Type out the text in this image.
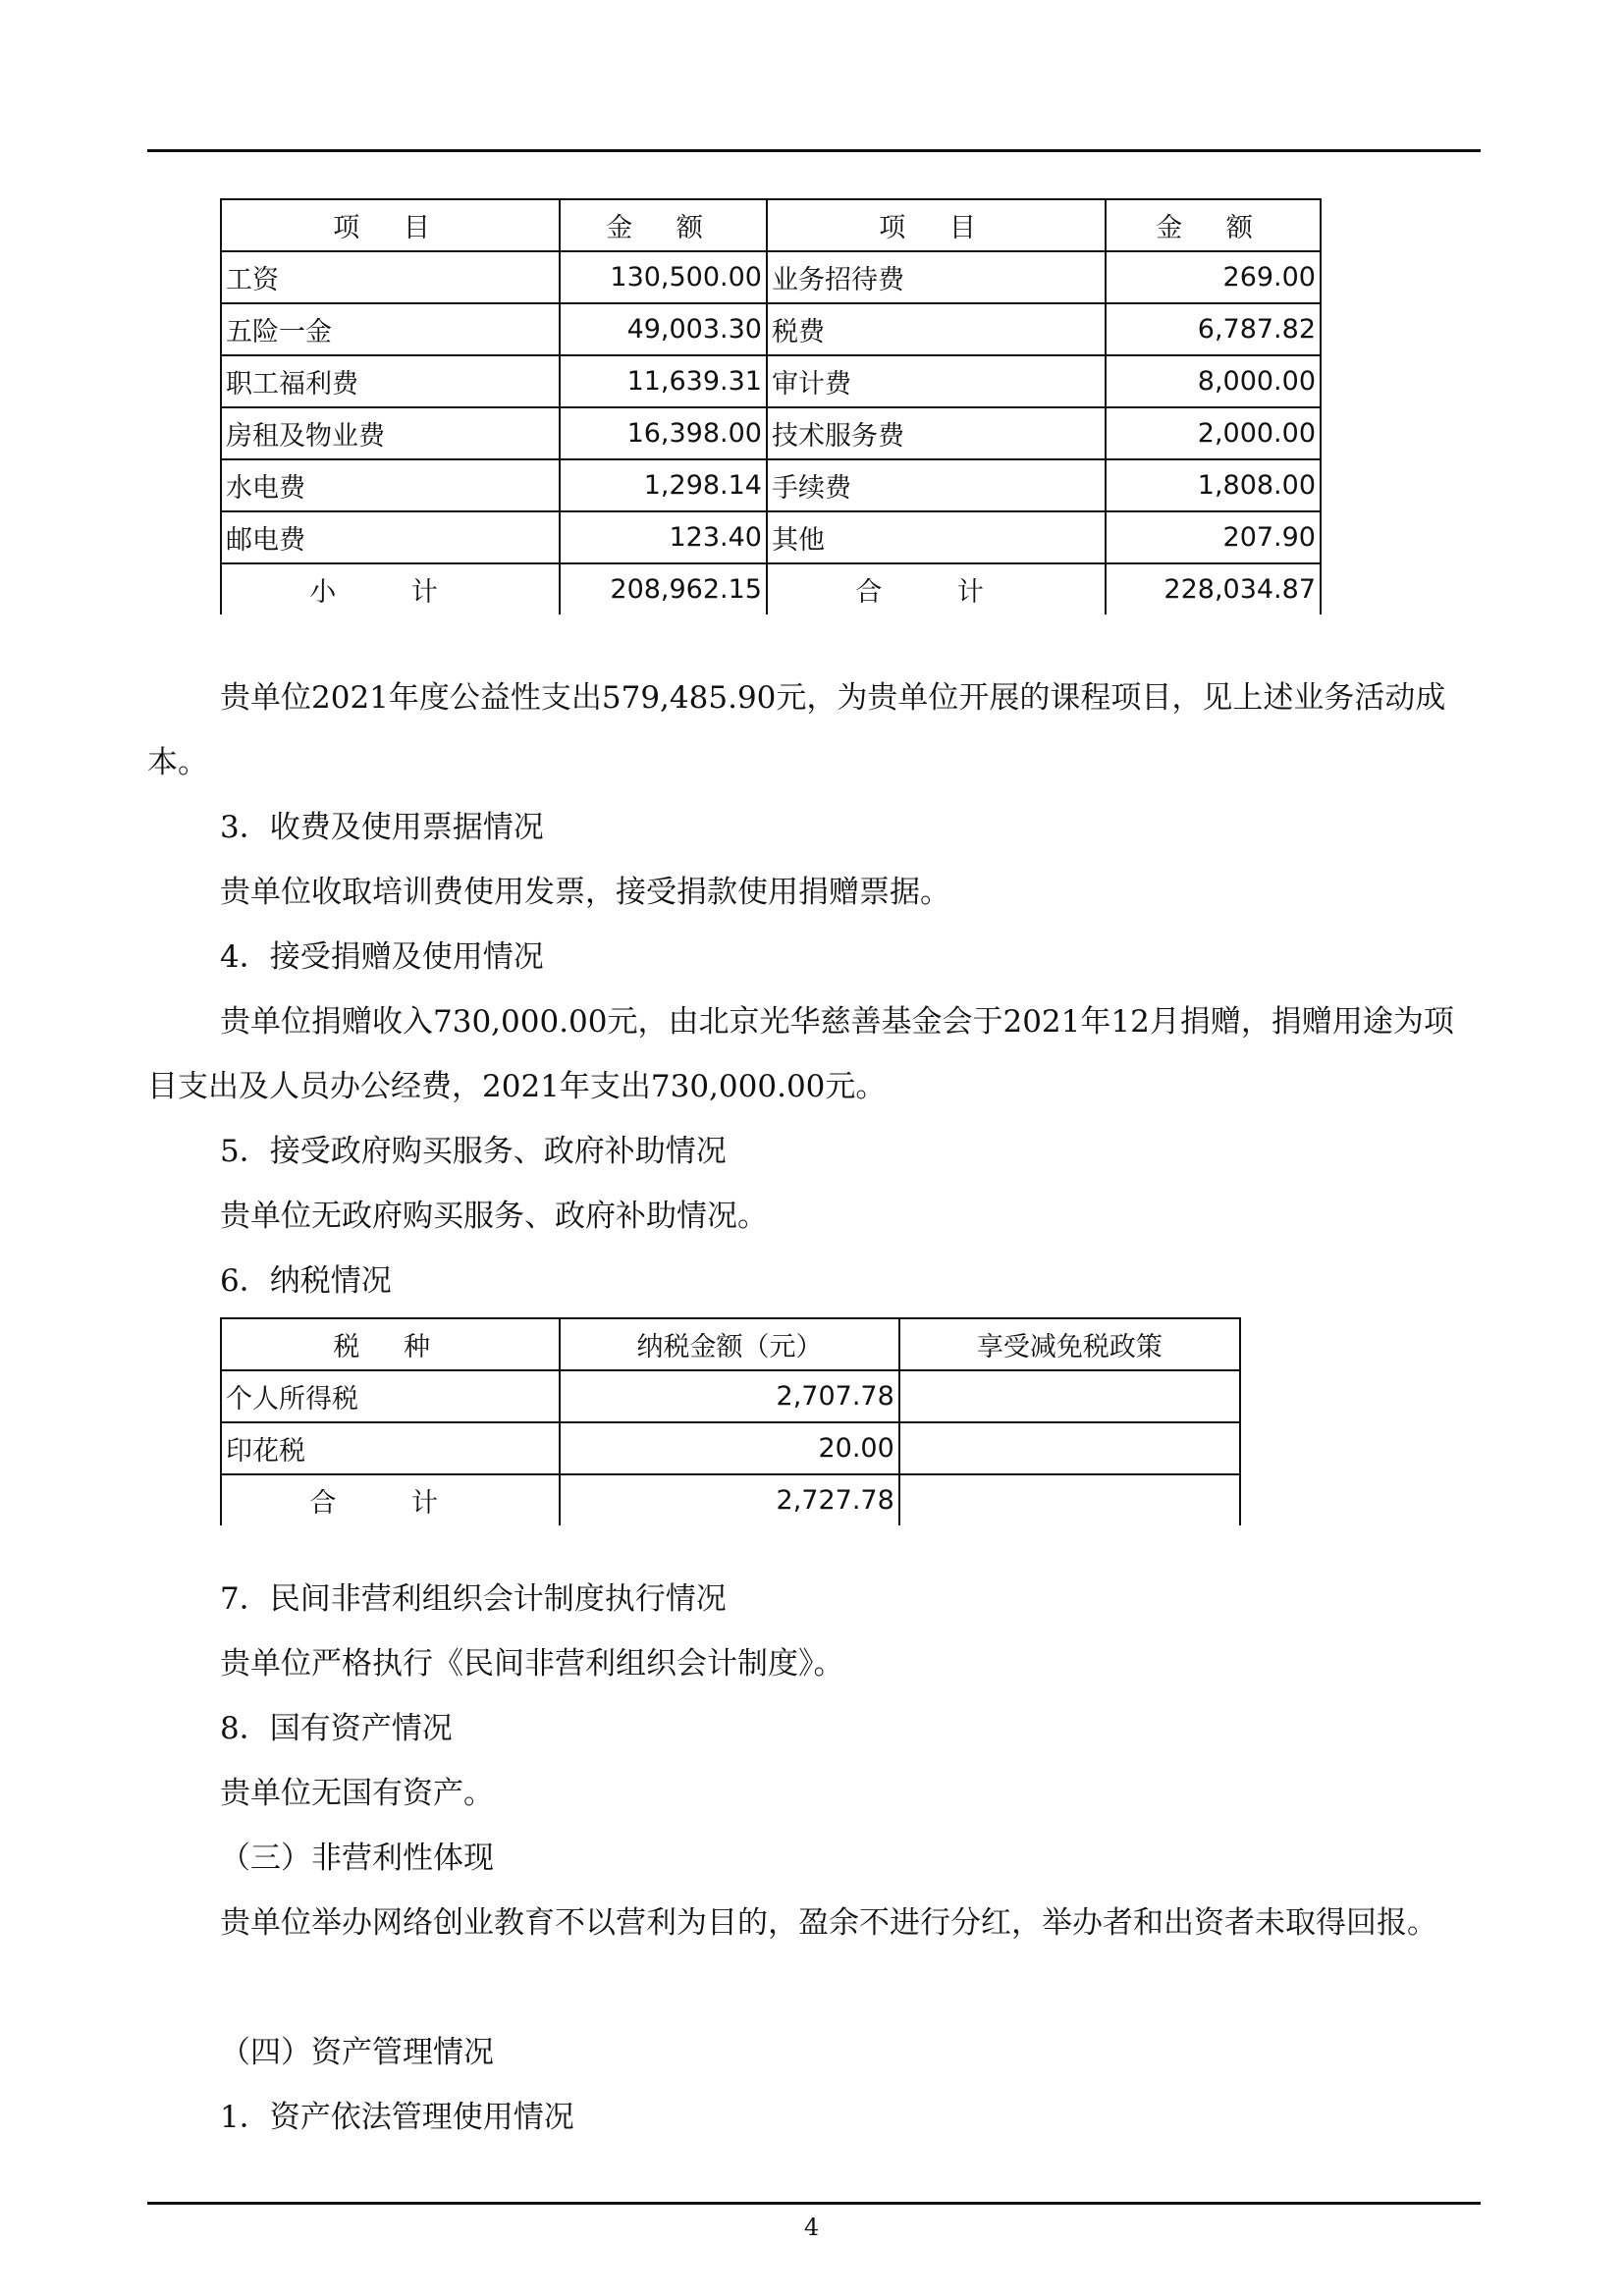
项 目	金 额	项 目	金 额
工资	130,500.00	业务招待费	269.00
五险一金	49,003.30	税费	6,787.82
职工福利费	11,639.31	审计费	8,000.00
房租及物业费	16,398.00	技术服务费	2,000.00
水电费	1,298.14	手续费	1,808.00
邮电费	123.40	其他	207.90
小 计	208,962.15	合 计	228,034.87
贵单位2021年度公益性支出579,485.90元，为贵单位开展的课程项目，见上述业务活动成本。
3．收费及使用票据情况
贵单位收取培训费使用发票，接受捐款使用捐赠票据。
4．接受捐赠及使用情况
贵单位捐赠收入730,000.00元，由北京光华慈善基金会于2021年12月捐赠，捐赠用途为项目支出及人员办公经费，2021年支出730,000.00元。
5．接受政府购买服务、政府补助情况
贵单位无政府购买服务、政府补助情况。
6．纳税情况
税 种	纳税金额（元）	享受减免税政策
个人所得税	2,707.78	
印花税	20.00	
合 计	2,727.78	
7．民间非营利组织会计制度执行情况
贵单位严格执行《民间非营利组织会计制度》。
8．国有资产情况
贵单位无国有资产。
（三）非营利性体现
贵单位举办网络创业教育不以营利为目的，盈余不进行分红，举办者和出资者未取得回报。
（四）资产管理情况
1．资产依法管理使用情况
4
